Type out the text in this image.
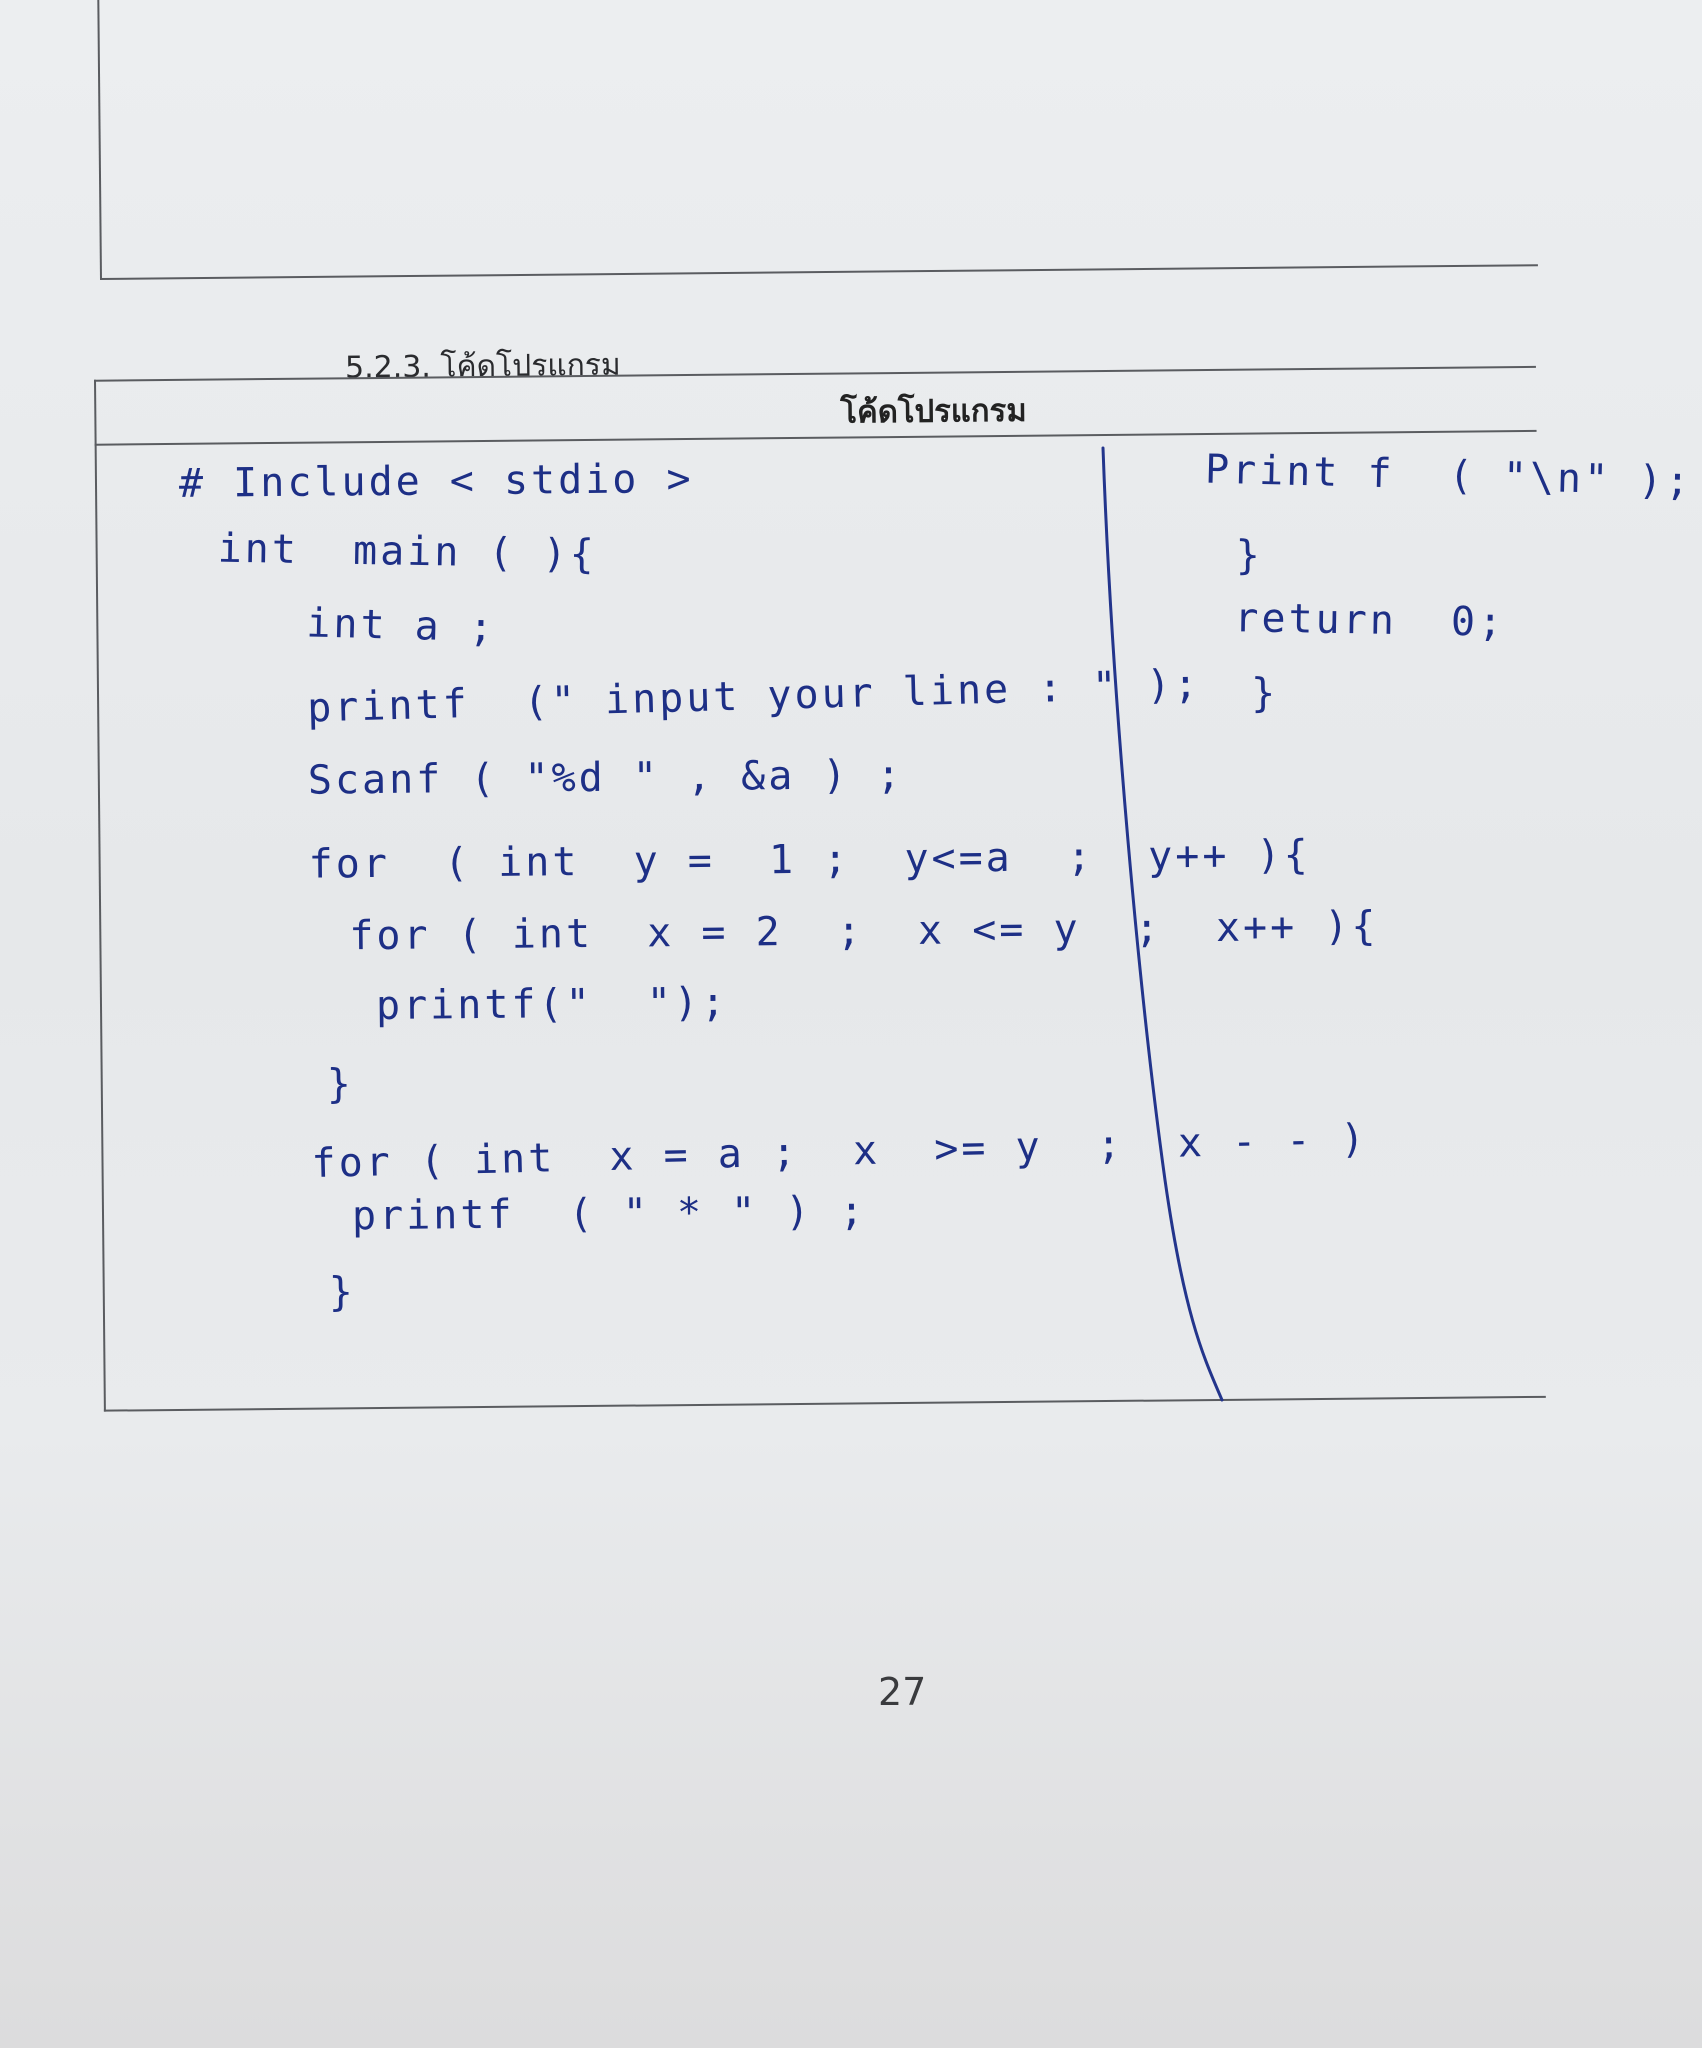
5.2.3. โค้ดโปรแกรม
โค้ดโปรแกรม
# Include < stdio >
int  main ( ){
int a ;
printf  (" input your line : " );
Scanf ( "%d " , &a ) ;
for  ( int  y =  1 ;  y<=a  ;  y++ ){
for ( int  x = 2  ;  x <= y  ;  x++ ){
printf("  ");
}
for ( int  x = a ;  x  >= y  ;  x - - )
printf  ( " * " ) ;
}
Print f  ( "\n" );
}
return  0;
}
27
